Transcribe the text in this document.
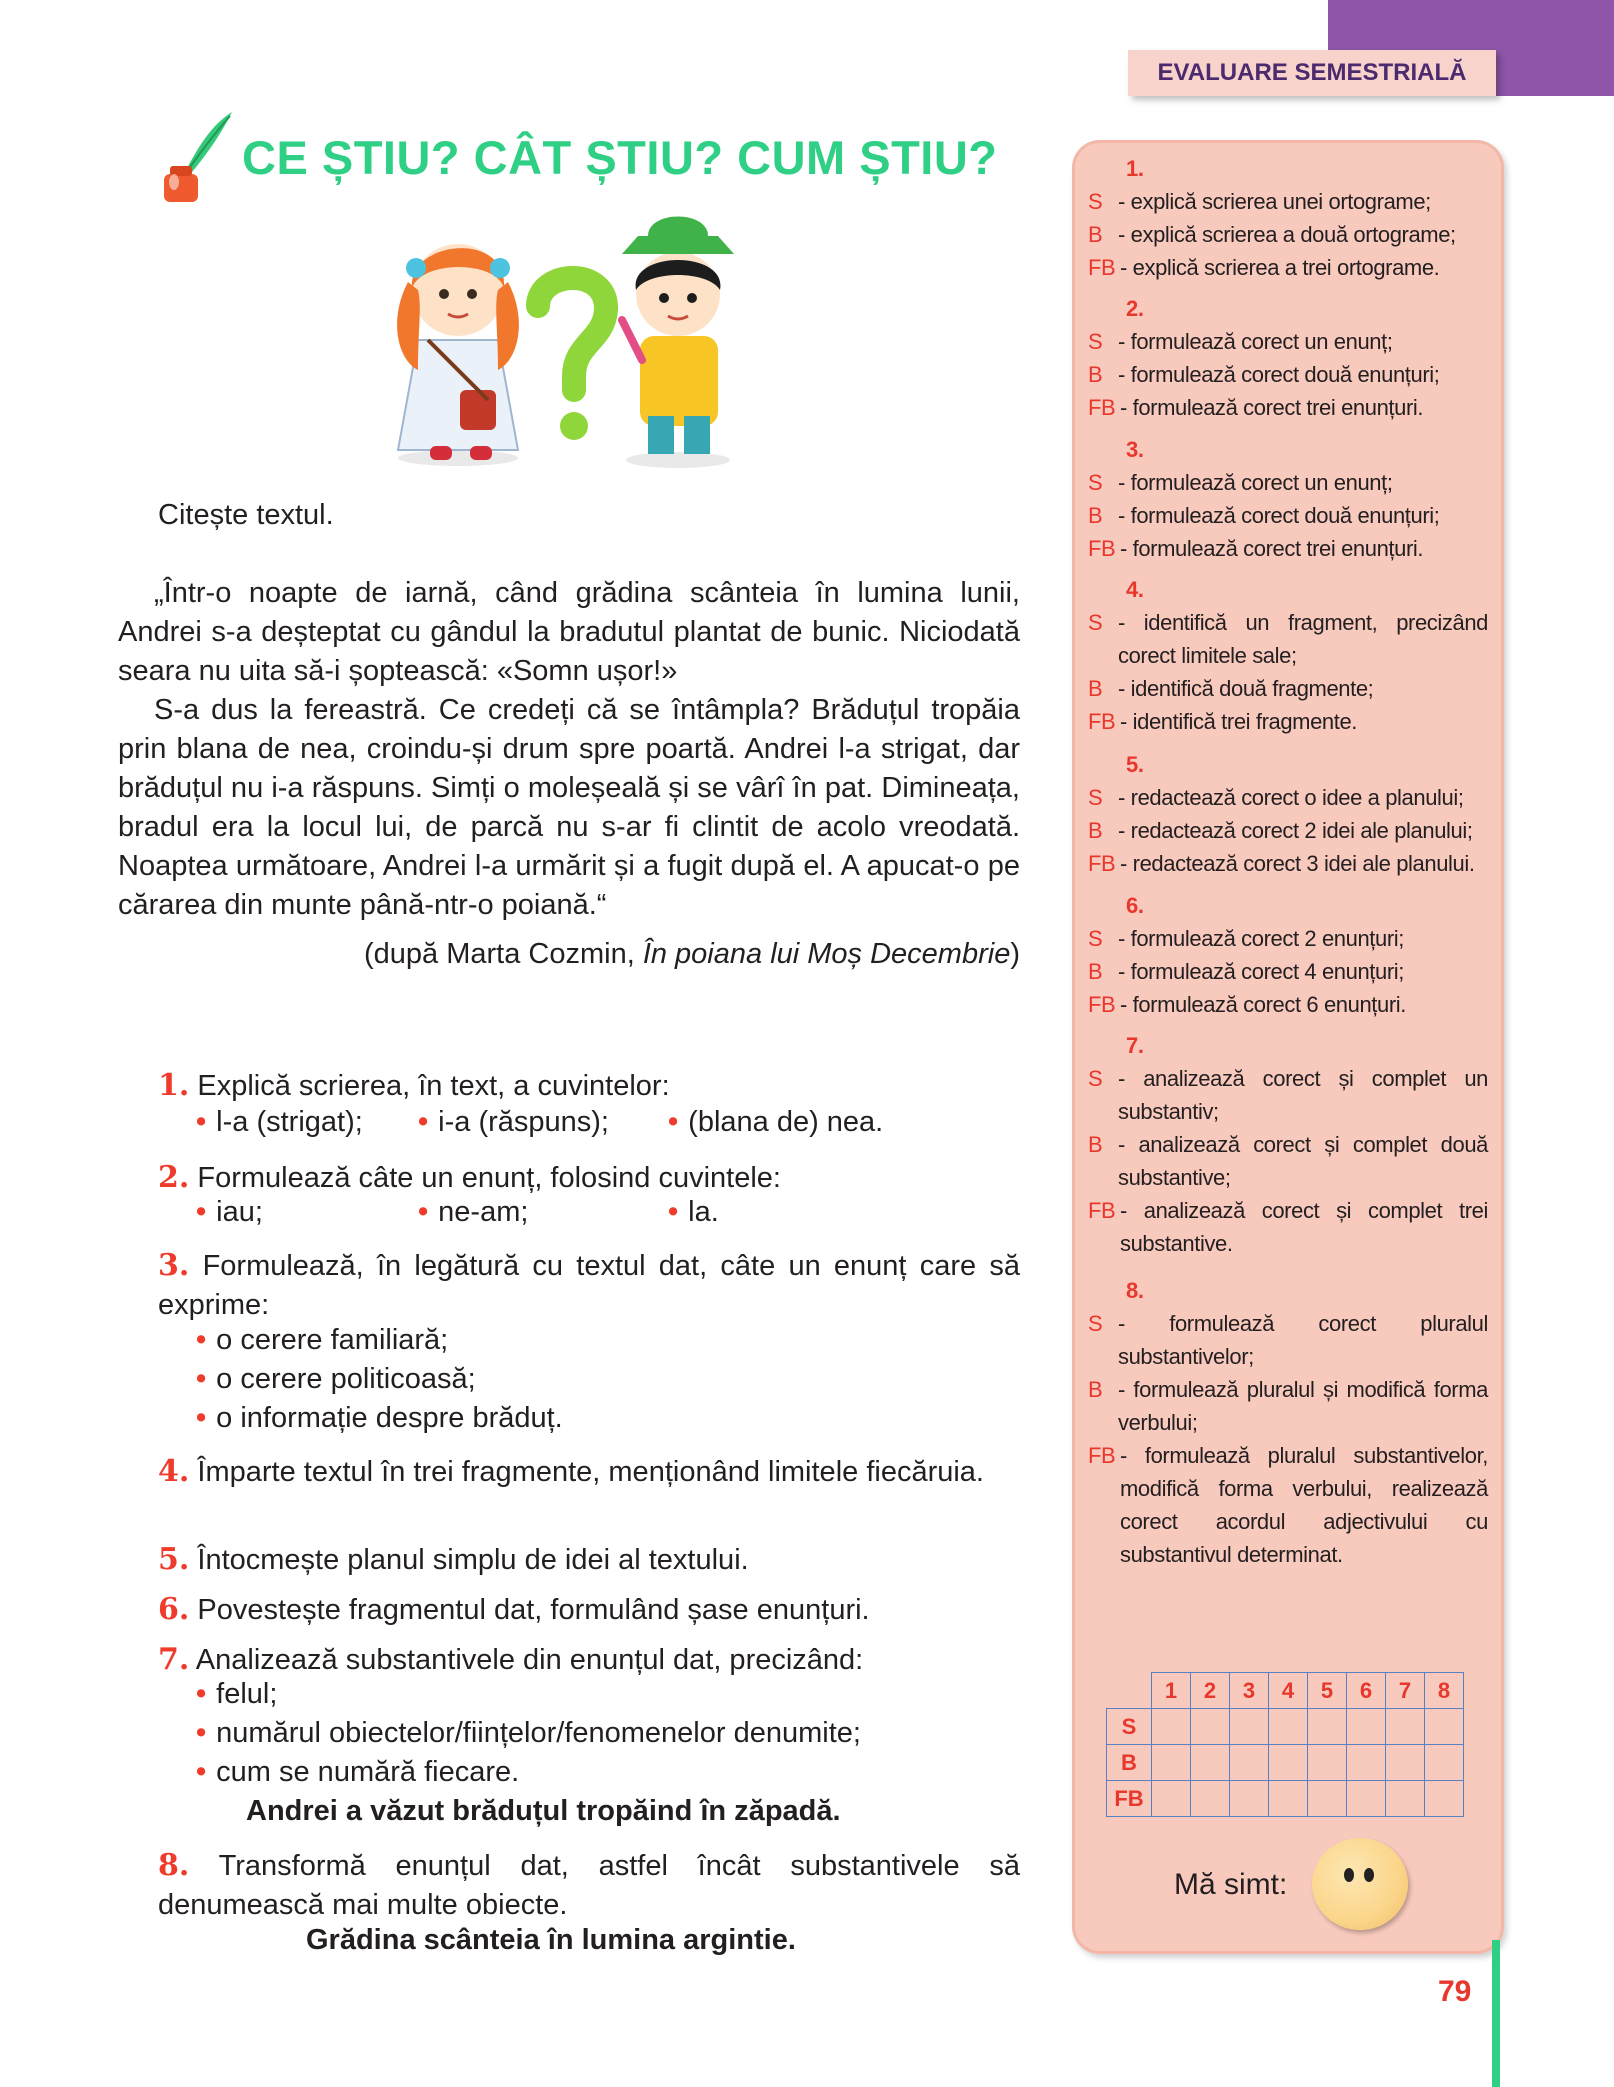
EVALUARE SEMESTRIALĂ
CE ȘTIU? CÂT ȘTIU? CUM ȘTIU?
Citește textul.

„Într-o noapte de iarnă, când grădina scânteia în lumina lunii, Andrei s-a deșteptat cu gândul la bradutul plantat de bunic. Niciodată seara nu uita să-i șoptească: «Somn ușor!»

S-a dus la fereastră. Ce credeți că se întâmpla? Brăduțul tropăia prin blana de nea, croindu-și drum spre poartă. Andrei l-a strigat, dar brăduțul nu i-a răspuns. Simți o moleșeală și se vârî în pat. Dimineața, bradul era la locul lui, de parcă nu s-ar fi clintit de acolo vreodată. Noaptea următoare, Andrei l-a urmărit și a fugit după el. A apucat-o pe cărarea din munte până-ntr-o poiană.“

(după Marta Cozmin, În poiana lui Moș Decembrie)
1. Explică scrierea, în text, a cuvintelor:
• l-a (strigat); • i-a (răspuns); • (blana de) nea.
2. Formulează câte un enunț, folosind cuvintele:
• iau;	• ne-am;	• la.
3. Formulează, în legătură cu textul dat, câte un enunț care să exprime:
• o cerere familiară;
• o cerere politicoasă;
• o informație despre brăduț.
4. Împarte textul în trei fragmente, menționând limitele fiecăruia.
5. Întocmește planul simplu de idei al textului.
6. Povestește fragmentul dat, formulând șase enunțuri.
7. Analizează substantivele din enunțul dat, precizând:
• felul;
• numărul obiectelor/ființelor/fenomenelor denumite;
• cum se numără fiecare.
Andrei a văzut brăduțul tropăind în zăpadă.
8. Transformă enunțul dat, astfel încât substantivele să denumească mai multe obiecte.
Grădina scânteia în lumina argintie.
1.
S - explică scrierea unei ortograme;
B - explică scrierea a două ortograme;
FB - explică scrierea a trei ortograme.
2.
S - formulează corect un enunț;
B - formulează corect două enunțuri;
FB - formulează corect trei enunțuri.
3.
S - formulează corect un enunț;
B - formulează corect două enunțuri;
FB - formulează corect trei enunțuri.
4.
S - identifică un fragment, precizând corect limitele sale;
B - identifică două fragmente;
FB - identifică trei fragmente.
5.
S - redactează corect o idee a planului;
B - redactează corect 2 idei ale planului;
FB - redactează corect 3 idei ale planului.
6.
S - formulează corect 2 enunțuri;
B - formulează corect 4 enunțuri;
FB - formulează corect 6 enunțuri.
7.
S - analizează corect și complet un substantiv;
B - analizează corect și complet două substantive;
FB - analizează corect și complet trei substantive.
8.
S - formulează corect pluralul substantivelor;
B - formulează pluralul și modifică forma verbului;
FB - formulează pluralul substantivelor, modifică forma verbului, realizează corect acordul adjectivului cu substantivul determinat.
	1	2	3	4	5	6	7	8
S								
B								
FB								
Mă simt:
79
